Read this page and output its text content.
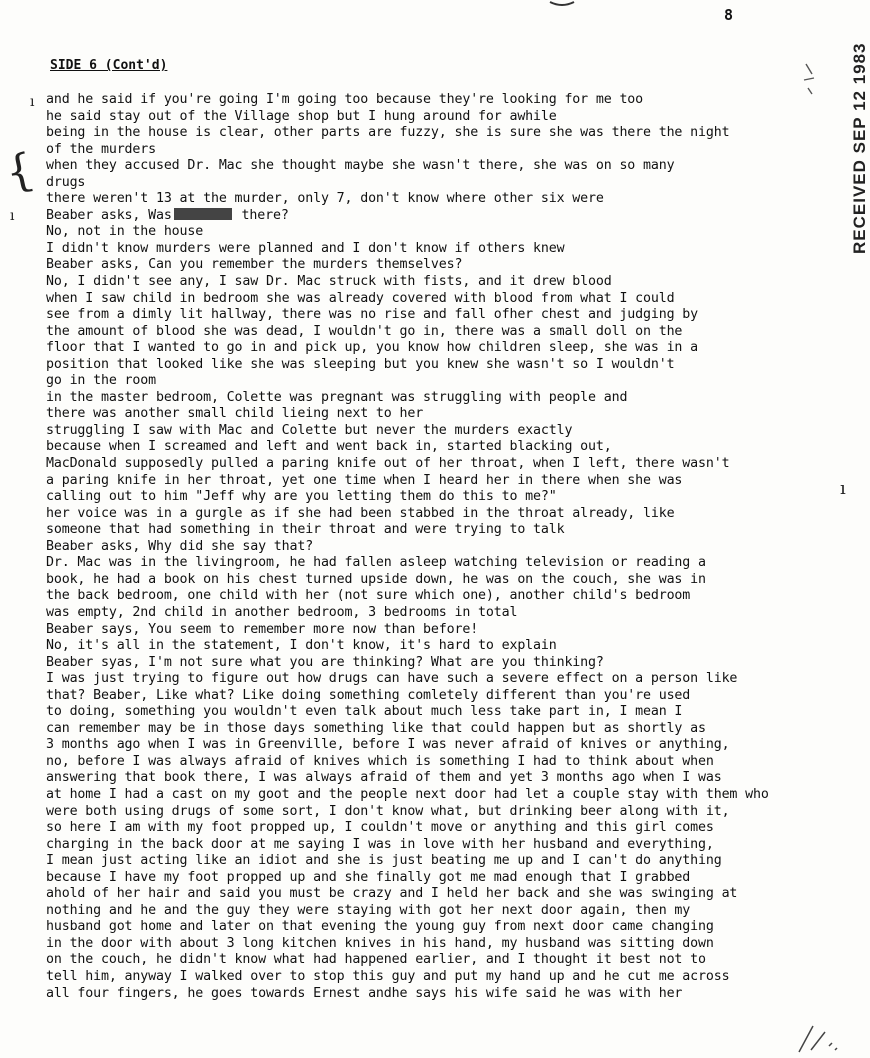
8
SIDE 6 (Cont'd)	RECEIVED SEP 12 1983
ı
{
ı
ı
and he said if you're going I'm going too because they're looking for me too
he said stay out of the Village shop but I hung around for awhile
being in the house is clear, other parts are fuzzy, she is sure she was there the night
of the murders
when they accused Dr. Mac she thought maybe she wasn't there, she was on so many
drugs
there weren't 13 at the murder, only 7, don't know where other six were
Beaber asks, Was	there?
No, not in the house
I didn't know murders were planned and I don't know if others knew
Beaber asks, Can you remember the murders themselves?
No, I didn't see any, I saw Dr. Mac struck with fists, and it drew blood
when I saw child in bedroom she was already covered with blood from what I could
see from a dimly lit hallway, there was no rise and fall ofher chest and judging by
the amount of blood she was dead, I wouldn't go in, there was a small doll on the
floor that I wanted to go in and pick up, you know how children sleep, she was in a
position that looked like she was sleeping but you knew she wasn't so I wouldn't
go in the room
in the master bedroom, Colette was pregnant was struggling with people and
there was another small child lieing next to her
struggling I saw with Mac and Colette but never the murders exactly
because when I screamed and left and went back in, started blacking out,
MacDonald supposedly pulled a paring knife out of her throat, when I left, there wasn't
a paring knife in her throat, yet one time when I heard her in there when she was
calling out to him "Jeff why are you letting them do this to me?"
her voice was in a gurgle as if she had been stabbed in the throat already, like
someone that had something in their throat and were trying to talk
Beaber asks, Why did she say that?
Dr. Mac was in the livingroom, he had fallen asleep watching television or reading a
book, he had a book on his chest turned upside down, he was on the couch, she was in
the back bedroom, one child with her (not sure which one), another child's bedroom
was empty, 2nd child in another bedroom, 3 bedrooms in total
Beaber says, You seem to remember more now than before!
No, it's all in the statement, I don't know, it's hard to explain
Beaber syas, I'm not sure what you are thinking? What are you thinking?
I was just trying to figure out how drugs can have such a severe effect on a person like
that? Beaber, Like what? Like doing something comletely different than you're used
to doing, something you wouldn't even talk about much less take part in, I mean I
can remember may be in those days something like that could happen but as shortly as
3 months ago when I was in Greenville, before I was never afraid of knives or anything,
no, before I was always afraid of knives which is something I had to think about when
answering that book there, I was always afraid of them and yet 3 months ago when I was
at home I had a cast on my goot and the people next door had let a couple stay with them who
were both using drugs of some sort, I don't know what, but drinking beer along with it,
so here I am with my foot propped up, I couldn't move or anything and this girl comes
charging in the back door at me saying I was in love with her husband and everything,
I mean just acting like an idiot and she is just beating me up and I can't do anything
because I have my foot propped up and she finally got me mad enough that I grabbed
ahold of her hair and said you must be crazy and I held her back and she was swinging at
nothing and he and the guy they were staying with got her next door again, then my
husband got home and later on that evening the young guy from next door came changing
in the door with about 3 long kitchen knives in his hand, my husband was sitting down
on the couch, he didn't know what had happened earlier, and I thought it best not to
tell him, anyway I walked over to stop this guy and put my hand up and he cut me across
all four fingers, he goes towards Ernest andhe says his wife said he was with her
